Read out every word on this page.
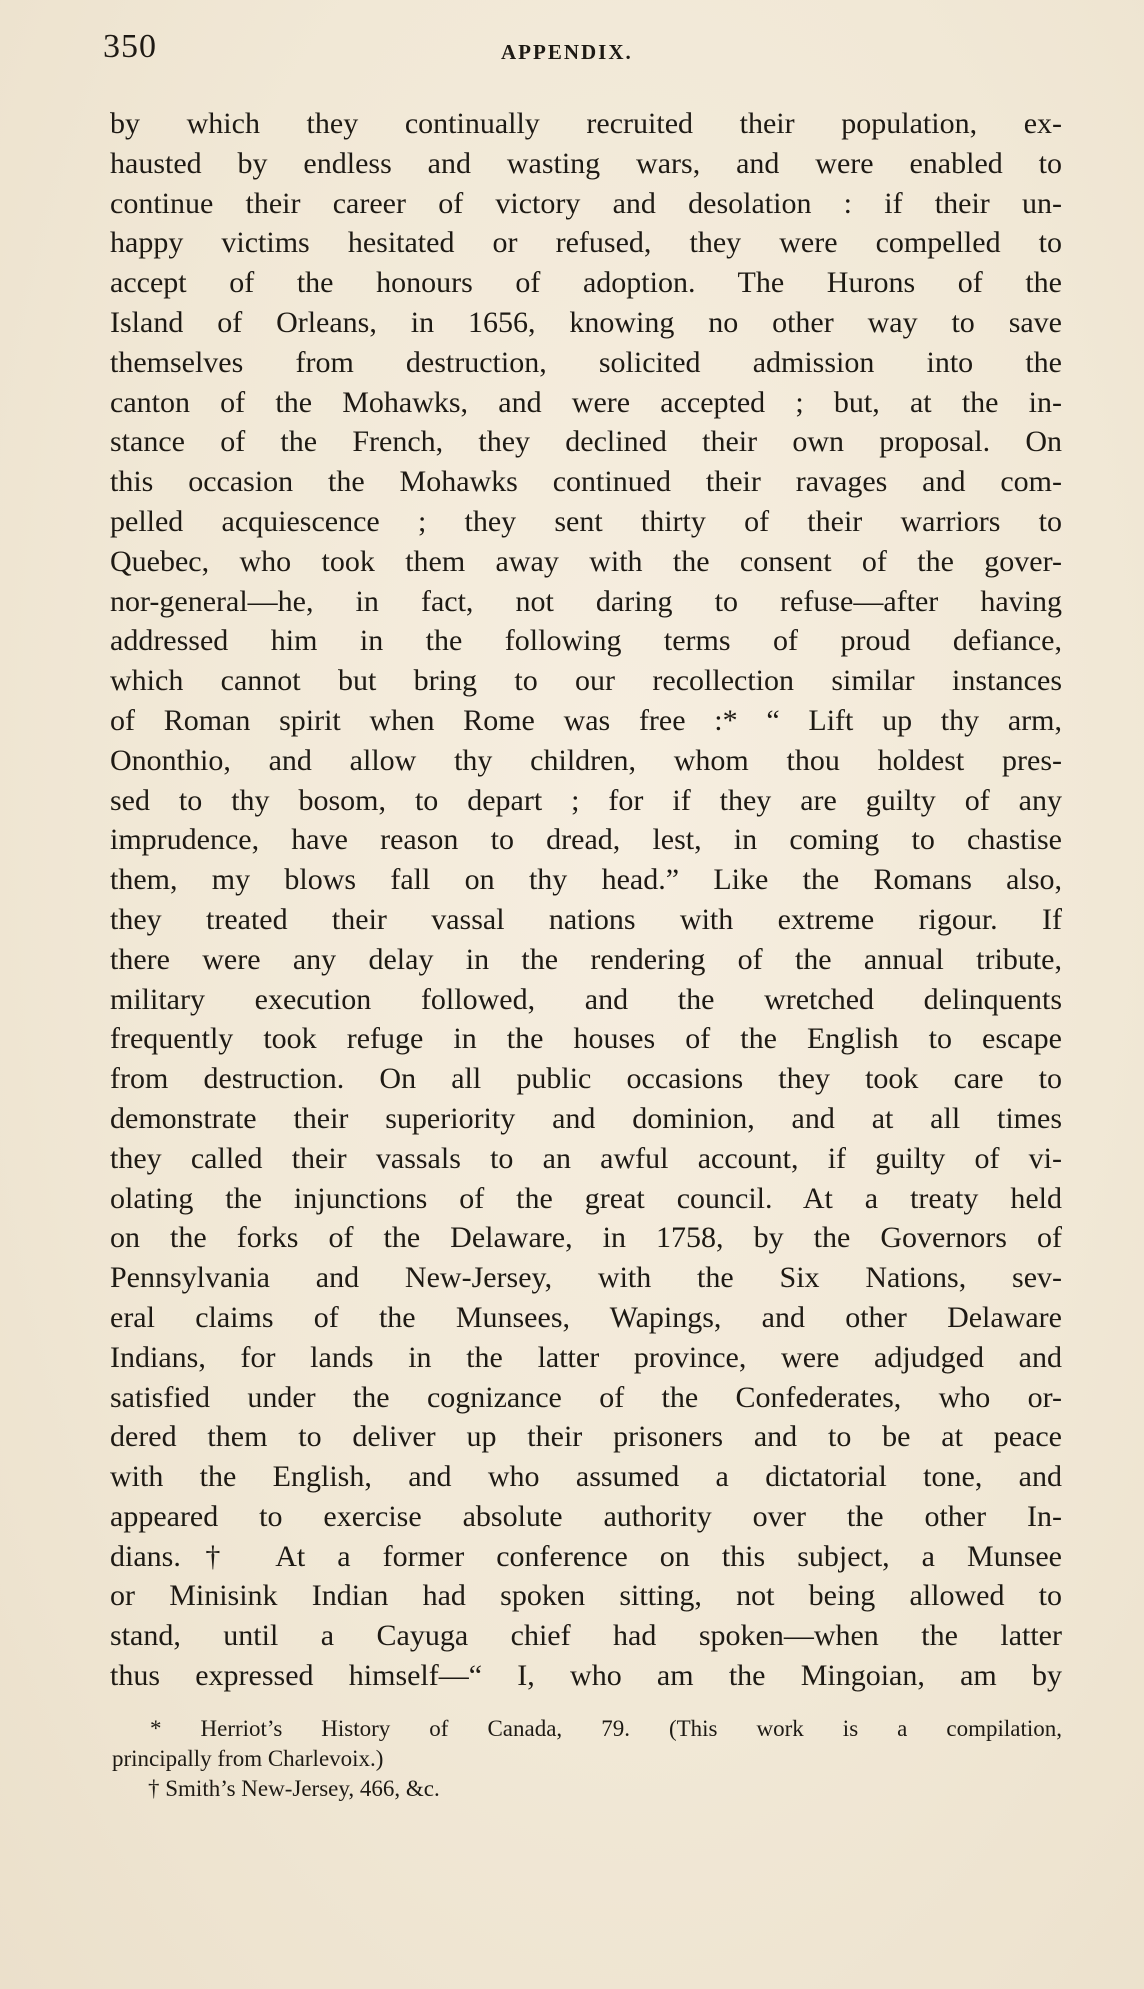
350	APPENDIX.
by which they continually recruited their population, ex-
hausted by endless and wasting wars, and were enabled to
continue their career of victory and desolation : if their un-
happy victims hesitated or refused, they were compelled to
accept of the honours of adoption. The Hurons of the
Island of Orleans, in 1656, knowing no other way to save
themselves from destruction, solicited admission into the
canton of the Mohawks, and were accepted ; but, at the in-
stance of the French, they declined their own proposal. On
this occasion the Mohawks continued their ravages and com-
pelled acquiescence ; they sent thirty of their warriors to
Quebec, who took them away with the consent of the gover-
nor-general—he, in fact, not daring to refuse—after having
addressed him in the following terms of proud defiance,
which cannot but bring to our recollection similar instances
of Roman spirit when Rome was free :* “ Lift up thy arm,
Ononthio, and allow thy children, whom thou holdest pres-
sed to thy bosom, to depart ; for if they are guilty of any
imprudence, have reason to dread, lest, in coming to chastise
them, my blows fall on thy head.” Like the Romans also,
they treated their vassal nations with extreme rigour. If
there were any delay in the rendering of the annual tribute,
military execution followed, and the wretched delinquents
frequently took refuge in the houses of the English to escape
from destruction. On all public occasions they took care to
demonstrate their superiority and dominion, and at all times
they called their vassals to an awful account, if guilty of vi-
olating the injunctions of the great council. At a treaty held
on the forks of the Delaware, in 1758, by the Governors of
Pennsylvania and New-Jersey, with the Six Nations, sev-
eral claims of the Munsees, Wapings, and other Delaware
Indians, for lands in the latter province, were adjudged and
satisfied under the cognizance of the Confederates, who or-
dered them to deliver up their prisoners and to be at peace
with the English, and who assumed a dictatorial tone, and
appeared to exercise absolute authority over the other In-
dians.† At a former conference on this subject, a Munsee
or Minisink Indian had spoken sitting, not being allowed to
stand, until a Cayuga chief had spoken—when the latter
thus expressed himself—“ I, who am the Mingoian, am by
* Herriot’s History of Canada, 79. (This work is a compilation,
principally from Charlevoix.)
† Smith’s New-Jersey, 466, &c.
